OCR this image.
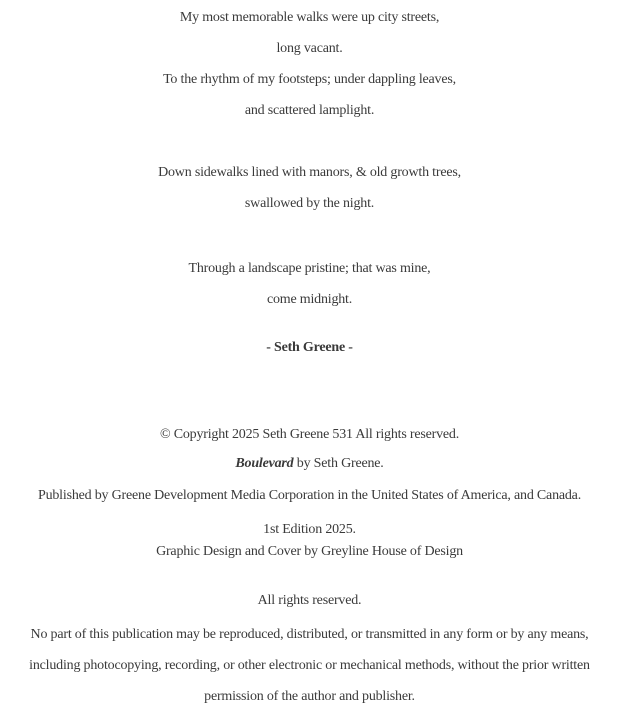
My most memorable walks were up city streets,
long vacant.
To the rhythm of my footsteps; under dappling leaves,
and scattered lamplight.
Down sidewalks lined with manors, & old growth trees,
swallowed by the night.
Through a landscape pristine; that was mine,
come midnight.
- Seth Greene -
© Copyright 2025 Seth Greene 531 All rights reserved.
Boulevard by Seth Greene.
Published by Greene Development Media Corporation in the United States of America, and Canada.
1st Edition 2025.
Graphic Design and Cover by Greyline House of Design
All rights reserved.
No part of this publication may be reproduced, distributed, or transmitted in any form or by any means,
including photocopying, recording, or other electronic or mechanical methods, without the prior written
permission of the author and publisher.
